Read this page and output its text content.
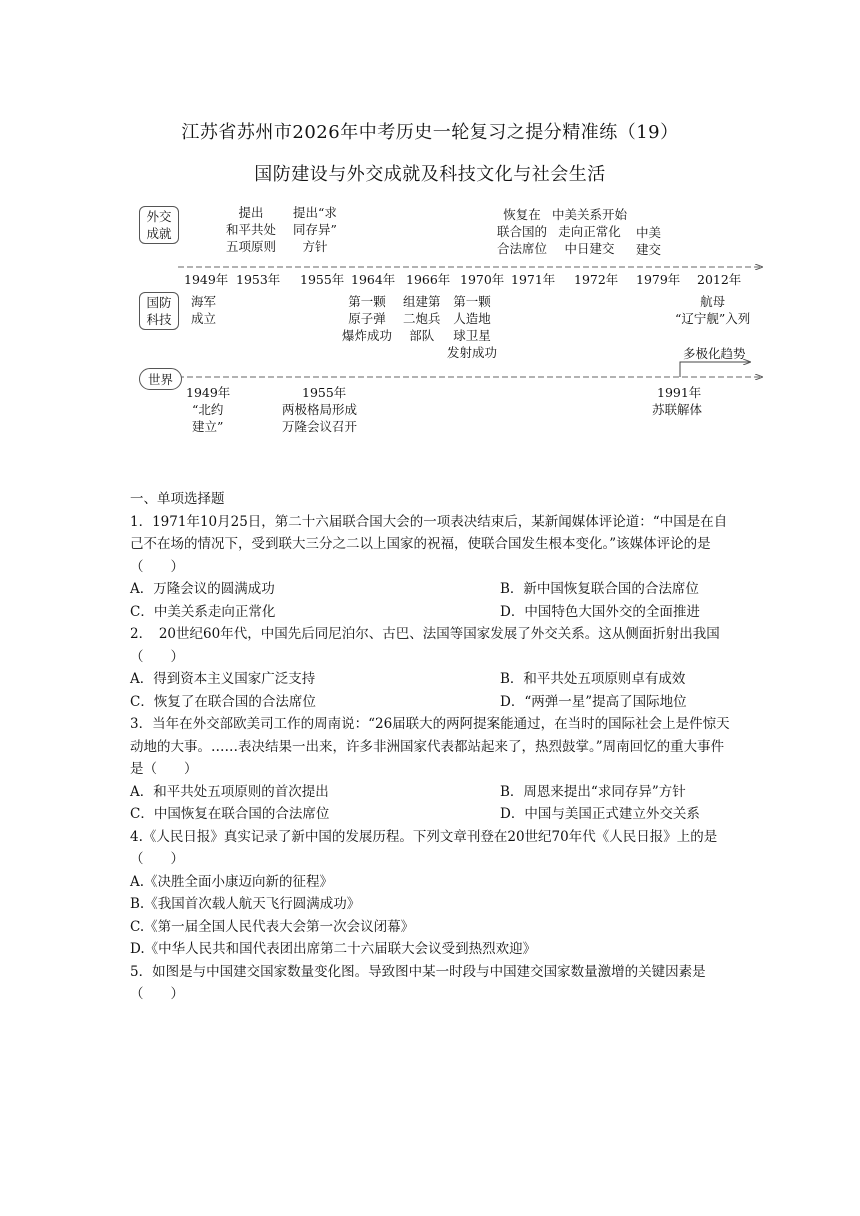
江苏省苏州市2026年中考历史一轮复习之提分精准练（19）
国防建设与外交成就及科技文化与社会生活
外交
成就
国防
科技
世界
提出
和平共处
五项原则
提出“求
同存异”
方针
恢复在
联合国的
合法席位
中美关系开始
走向正常化
中日建交
中美
建交
1949年 1953年 1955年 1964年 1966年 1970年 1971年 1972年 1979年 2012年
海军
成立
第一颗
原子弹
爆炸成功
组建第
二炮兵
部队
第一颗
人造地
球卫星
发射成功
航母
“辽宁舰”入列
多极化趋势
1949年	1955年	1991年
“北约
建立”
两极格局形成
万隆会议召开
苏联解体

一、单项选择题

1．1971年10月25日，第二十六届联合国大会的一项表决结束后，某新闻媒体评论道：“中国是在自己不在场的情况下，受到联大三分之二以上国家的祝福，使联合国发生根本变化。”该媒体评论的是（　　）

A．万隆会议的圆满成功	B．新中国恢复联合国的合法席位
C．中美关系走向正常化	D．中国特色大国外交的全面推进

2．　20世纪60年代，中国先后同尼泊尔、古巴、法国等国家发展了外交关系。这从侧面折射出我国（　　）

A．得到资本主义国家广泛支持	B．和平共处五项原则卓有成效
C．恢复了在联合国的合法席位	D．“两弹一星”提高了国际地位

3．当年在外交部欧美司工作的周南说：“26届联大的两阿提案能通过，在当时的国际社会上是件惊天动地的大事。……表决结果一出来，许多非洲国家代表都站起来了，热烈鼓掌。”周南回忆的重大事件是（　　）

A．和平共处五项原则的首次提出	B．周恩来提出“求同存异”方针
C．中国恢复在联合国的合法席位	D．中国与美国正式建立外交关系

4.《人民日报》真实记录了新中国的发展历程。下列文章刊登在20世纪70年代《人民日报》上的是（　　）

A.《决胜全面小康迈向新的征程》

B.《我国首次载人航天飞行圆满成功》

C.《第一届全国人民代表大会第一次会议闭幕》

D.《中华人民共和国代表团出席第二十六届联大会议受到热烈欢迎》

5．如图是与中国建交国家数量变化图。导致图中某一时段与中国建交国家数量激增的关键因素是（　　）
